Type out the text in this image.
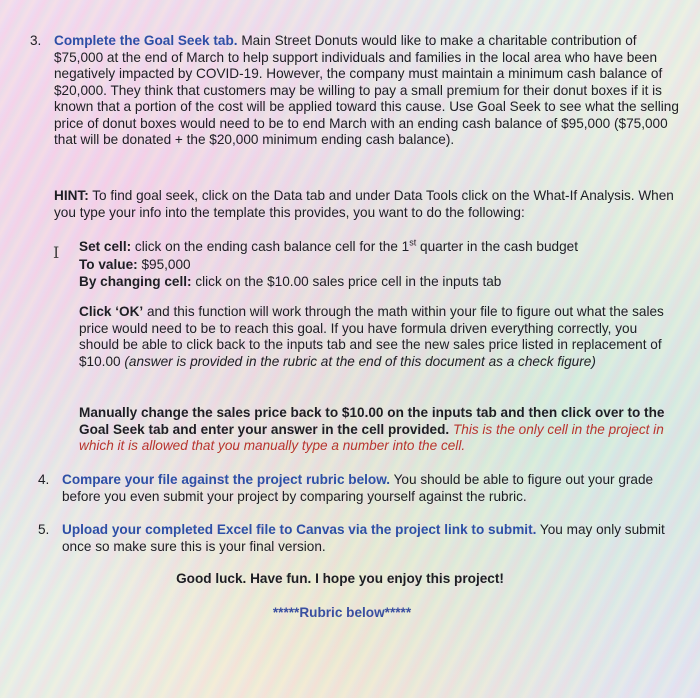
3. Complete the Goal Seek tab. Main Street Donuts would like to make a charitable contribution of $75,000 at the end of March to help support individuals and families in the local area who have been negatively impacted by COVID-19. However, the company must maintain a minimum cash balance of $20,000. They think that customers may be willing to pay a small premium for their donut boxes if it is known that a portion of the cost will be applied toward this cause. Use Goal Seek to see what the selling price of donut boxes would need to be to end March with an ending cash balance of $95,000 ($75,000 that will be donated + the $20,000 minimum ending cash balance).
HINT: To find goal seek, click on the Data tab and under Data Tools click on the What-If Analysis. When you type your info into the template this provides, you want to do the following:
I Set cell: click on the ending cash balance cell for the 1st quarter in the cash budget
To value: $95,000
By changing cell: click on the $10.00 sales price cell in the inputs tab
Click ‘OK’ and this function will work through the math within your file to figure out what the sales price would need to be to reach this goal. If you have formula driven everything correctly, you should be able to click back to the inputs tab and see the new sales price listed in replacement of $10.00 (answer is provided in the rubric at the end of this document as a check figure)
Manually change the sales price back to $10.00 on the inputs tab and then click over to the Goal Seek tab and enter your answer in the cell provided. This is the only cell in the project in which it is allowed that you manually type a number into the cell.
4. Compare your file against the project rubric below. You should be able to figure out your grade before you even submit your project by comparing yourself against the rubric.
5. Upload your completed Excel file to Canvas via the project link to submit. You may only submit once so make sure this is your final version.
Good luck. Have fun. I hope you enjoy this project!
*****Rubric below*****
